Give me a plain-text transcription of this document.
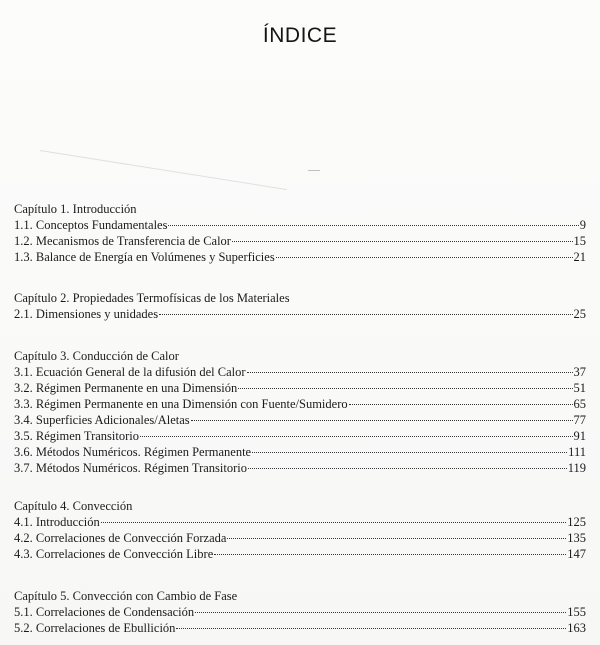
ÍNDICE
Capítulo 1. Introducción
1.1. Conceptos Fundamentales	9
1.2. Mecanismos de Transferencia de Calor	15
1.3. Balance de Energía en Volúmenes y Superficies	21
Capítulo 2. Propiedades Termofísicas de los Materiales
2.1. Dimensiones y unidades	25
Capítulo 3. Conducción de Calor
3.1. Ecuación General de la difusión del Calor	37
3.2. Régimen Permanente en una Dimensión	51
3.3. Régimen Permanente en una Dimensión con Fuente/Sumidero	65
3.4. Superficies Adicionales/Aletas	77
3.5. Régimen Transitorio	91
3.6. Métodos Numéricos. Régimen Permanente	111
3.7. Métodos Numéricos. Régimen Transitorio	119
Capítulo 4. Convección
4.1. Introducción	125
4.2. Correlaciones de Convección Forzada	135
4.3. Correlaciones de Convección Libre	147
Capítulo 5. Convección con Cambio de Fase
5.1. Correlaciones de Condensación	155
5.2. Correlaciones de Ebullición	163
